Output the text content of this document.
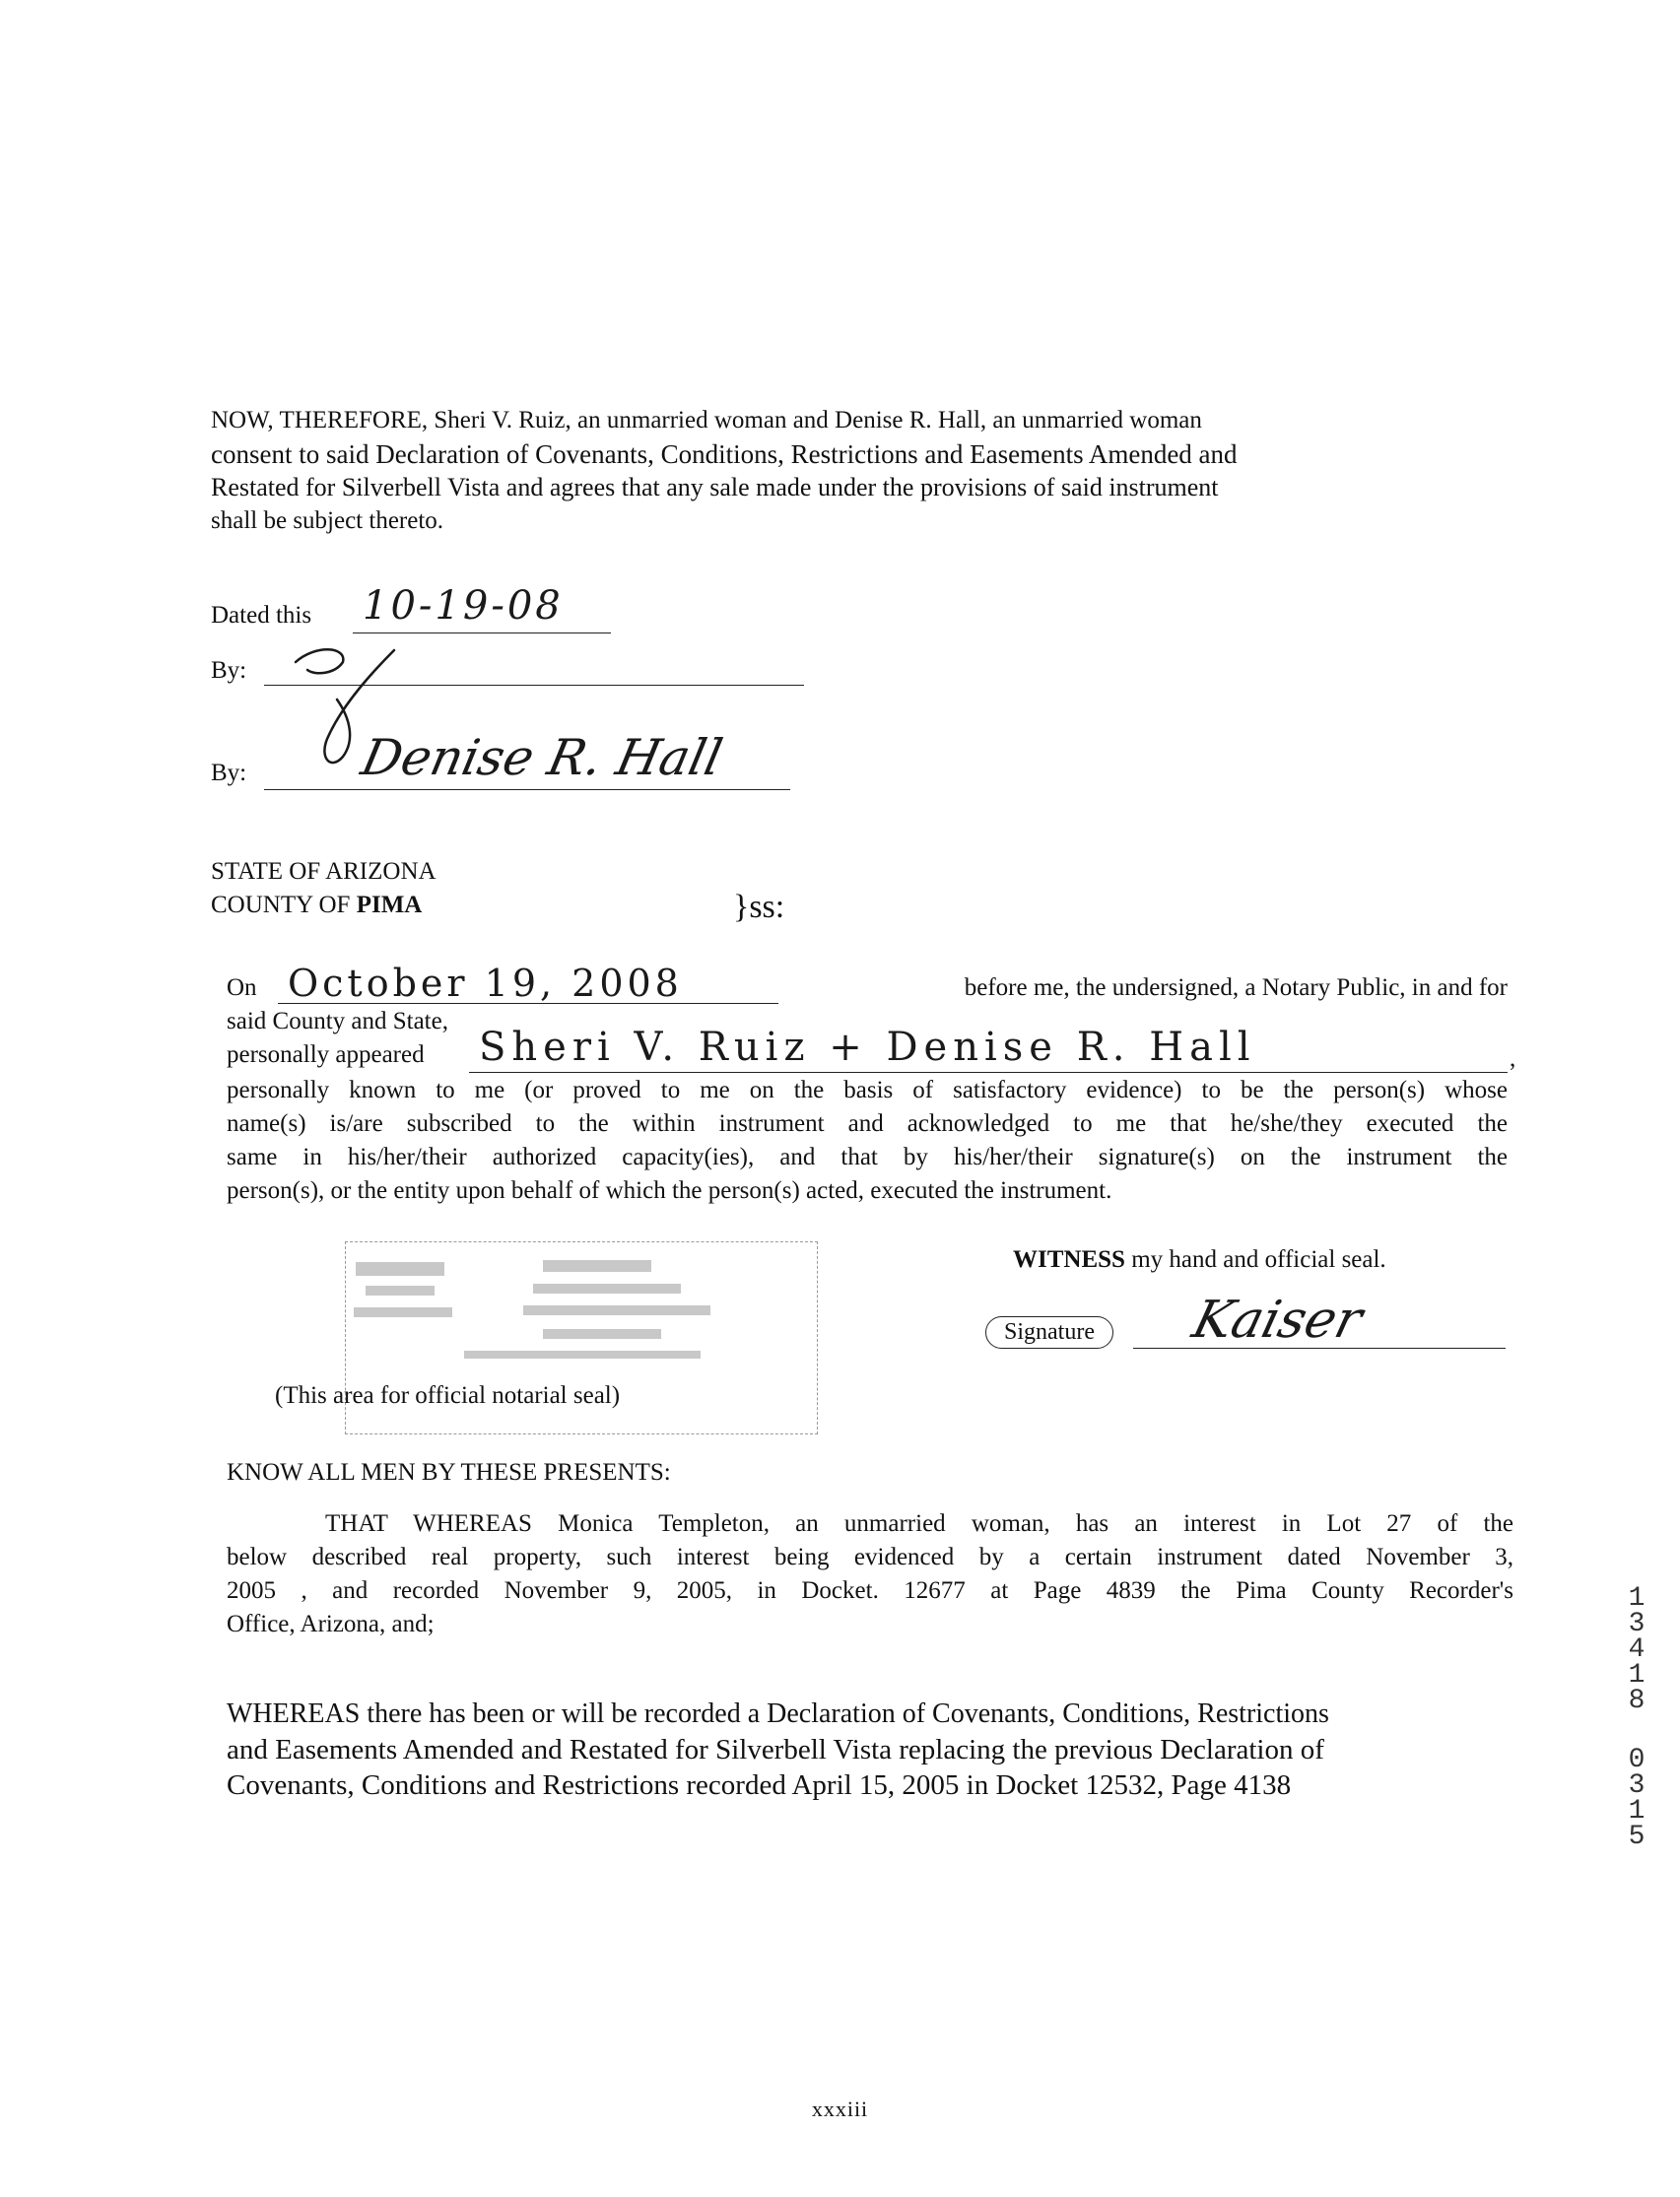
NOW, THEREFORE, Sheri V. Ruiz, an unmarried woman and Denise R. Hall, an unmarried woman
consent to said Declaration of Covenants, Conditions, Restrictions and Easements Amended and
Restated for Silverbell Vista and agrees that any sale made under the provisions of said instrument
shall be subject thereto.
Dated this 10-19-08
By:
By: Denise R. Hall
STATE OF ARIZONA
COUNTY OF PIMA	}ss:
On October 19, 2008	before me, the undersigned, a Notary Public, in and for
said County and State,
personally appeared Sheri V. Ruiz + Denise R. Hall	,
personally known to me (or proved to me on the basis of satisfactory evidence) to be the person(s) whose
name(s) is/are subscribed to the within instrument and acknowledged to me that he/she/they executed the
same in his/her/their authorized capacity(ies), and that by his/her/their signature(s) on the instrument the
person(s), or the entity upon behalf of which the person(s) acted, executed the instrument.
(This area for official notarial seal)
WITNESS my hand and official seal.
Signature	Kaiser
KNOW ALL MEN BY THESE PRESENTS:
THAT WHEREAS Monica Templeton, an unmarried woman, has an interest in Lot 27 of the
below described real property, such interest being evidenced by a certain instrument dated November 3,
2005 , and recorded November 9, 2005, in Docket. 12677 at Page 4839 the Pima County Recorder's
Office, Arizona, and;
WHEREAS there has been or will be recorded a Declaration of Covenants, Conditions, Restrictions
and Easements Amended and Restated for Silverbell Vista replacing the previous Declaration of
Covenants, Conditions and Restrictions recorded April 15, 2005 in Docket 12532, Page 4138
13418
0315
xxxiii
